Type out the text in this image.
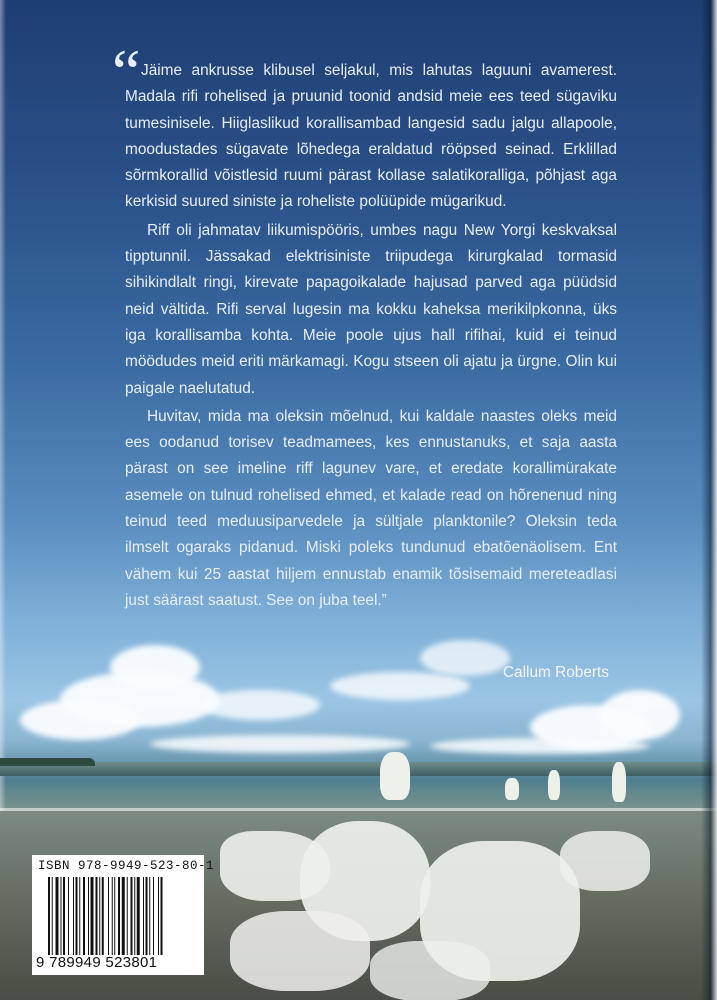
“ Jäime ankrusse klibusel seljakul, mis lahutas laguuni avamerest. Madala rifi rohelised ja pruunid toonid andsid meie ees teed sügaviku tumesinisele. Hiiglaslikud korallisambad langesid sadu jalgu allapoole, moodustades sügavate lõhedega eraldatud rööpsed seinad. Erklillad sõrmkorallid võistlesid ruumi pärast kollase salatikoralliga, põhjast aga kerkisid suured siniste ja roheliste polüüpide mügarikud.

Riff oli jahmatav liikumispööris, umbes nagu New Yorgi keskvaksal tipptunnil. Jässakad elektrisiniste triipudega kirurgkalad tormasid sihikindlalt ringi, kirevate papagoikalade hajusad parved aga püüdsid neid vältida. Rifi serval lugesin ma kokku kaheksa merikilpkonna, üks iga korallisamba kohta. Meie poole ujus hall rifihai, kuid ei teinud möödudes meid eriti märkamagi. Kogu stseen oli ajatu ja ürgne. Olin kui paigale naelutatud.

Huvitav, mida ma oleksin mõelnud, kui kaldale naastes oleks meid ees oodanud torisev teadmamees, kes ennustanuks, et saja aasta pärast on see imeline riff lagunev vare, et eredate korallimürakate asemele on tulnud rohelised ehmed, et kalade read on hõrenenud ning teinud teed meduusiparvedele ja sültjale planktonile? Oleksin teda ilmselt ogaraks pidanud. Miski poleks tundunud ebatõenäolisem. Ent vähem kui 25 aastat hiljem ennustab enamik tõsisemaid mereteadlasi just säärast saatust. See on juba teel.”

Callum Roberts
ISBN 978-9949-523-80-1
9 789949 523801
